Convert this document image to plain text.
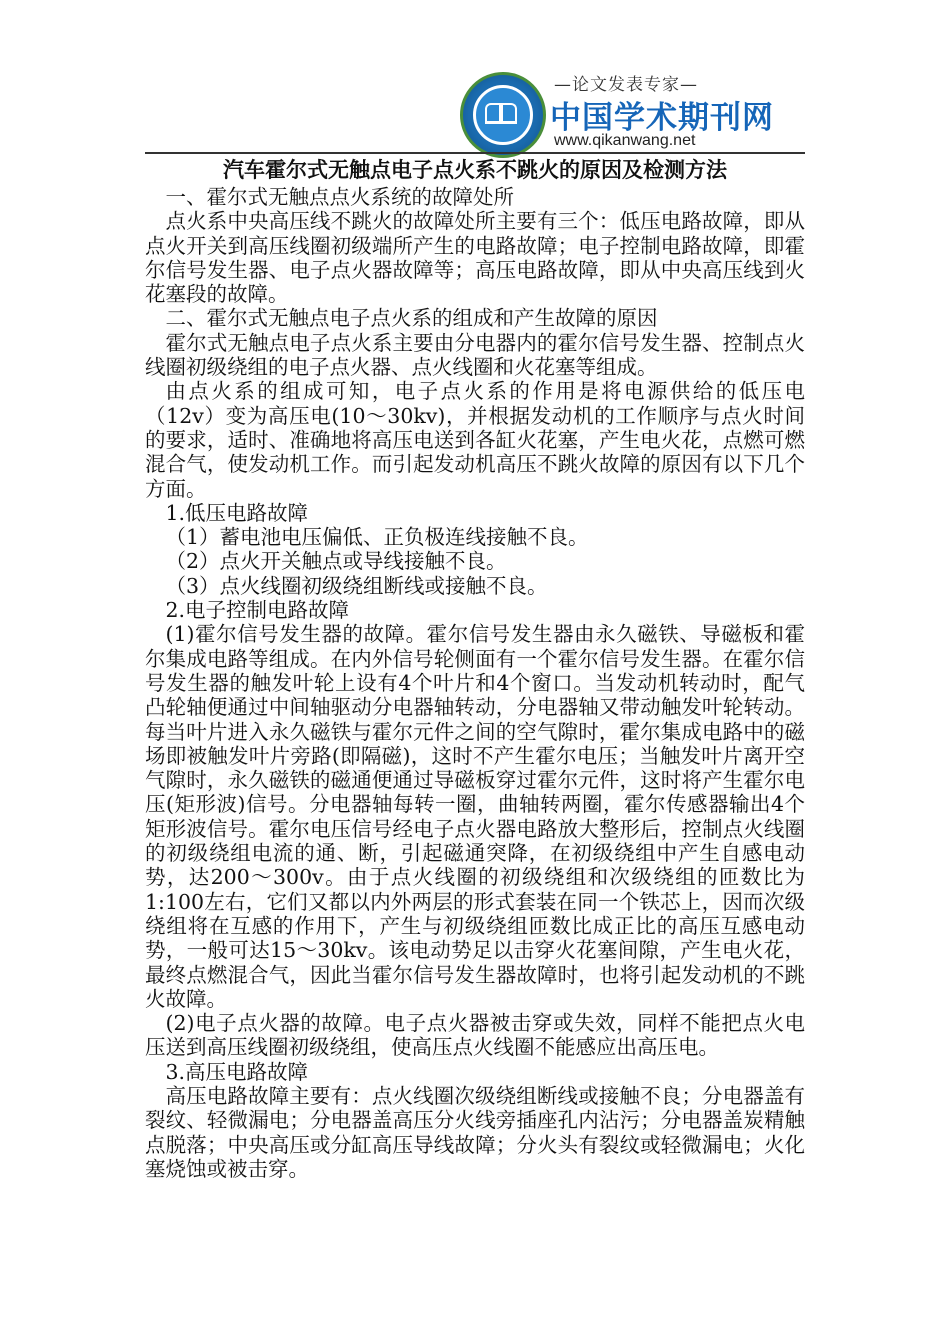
—论文发表专家—
中国学术期刊网
www.qikanwang.net
汽车霍尔式无触点电子点火系不跳火的原因及检测方法

一、霍尔式无触点点火系统的故障处所

点火系中央高压线不跳火的故障处所主要有三个：低压电路故障，即从点火开关到高压线圈初级端所产生的电路故障；电子控制电路故障，即霍尔信号发生器、电子点火器故障等；高压电路故障，即从中央高压线到火花塞段的故障。

二、霍尔式无触点电子点火系的组成和产生故障的原因

霍尔式无触点电子点火系主要由分电器内的霍尔信号发生器、控制点火线圈初级绕组的电子点火器、点火线圈和火花塞等组成。

由点火系的组成可知，电子点火系的作用是将电源供给的低压电（12v）变为高压电(10～30kv)，并根据发动机的工作顺序与点火时间的要求，适时、准确地将高压电送到各缸火花塞，产生电火花，点燃可燃混合气，使发动机工作。而引起发动机高压不跳火故障的原因有以下几个方面。

1.低压电路故障

（1）蓄电池电压偏低、正负极连线接触不良。

（2）点火开关触点或导线接触不良。

（3）点火线圈初级绕组断线或接触不良。

2.电子控制电路故障

(1)霍尔信号发生器的故障。霍尔信号发生器由永久磁铁、导磁板和霍尔集成电路等组成。在内外信号轮侧面有一个霍尔信号发生器。在霍尔信号发生器的触发叶轮上设有4个叶片和4个窗口。当发动机转动时，配气凸轮轴便通过中间轴驱动分电器轴转动，分电器轴又带动触发叶轮转动。每当叶片进入永久磁铁与霍尔元件之间的空气隙时，霍尔集成电路中的磁场即被触发叶片旁路(即隔磁)，这时不产生霍尔电压；当触发叶片离开空气隙时，永久磁铁的磁通便通过导磁板穿过霍尔元件，这时将产生霍尔电压(矩形波)信号。分电器轴每转一圈，曲轴转两圈，霍尔传感器输出4个矩形波信号。霍尔电压信号经电子点火器电路放大整形后，控制点火线圈的初级绕组电流的通、断，引起磁通突降，在初级绕组中产生自感电动势，达200～300v。由于点火线圈的初级绕组和次级绕组的匝数比为1:100左右，它们又都以内外两层的形式套装在同一个铁芯上，因而次级绕组将在互感的作用下，产生与初级绕组匝数比成正比的高压互感电动势，一般可达15～30kv。该电动势足以击穿火花塞间隙，产生电火花，最终点燃混合气，因此当霍尔信号发生器故障时，也将引起发动机的不跳火故障。

(2)电子点火器的故障。电子点火器被击穿或失效，同样不能把点火电压送到高压线圈初级绕组，使高压点火线圈不能感应出高压电。

3.高压电路故障

高压电路故障主要有：点火线圈次级绕组断线或接触不良；分电器盖有裂纹、轻微漏电；分电器盖高压分火线旁插座孔内沾污；分电器盖炭精触点脱落；中央高压或分缸高压导线故障；分火头有裂纹或轻微漏电；火化塞烧蚀或被击穿。
